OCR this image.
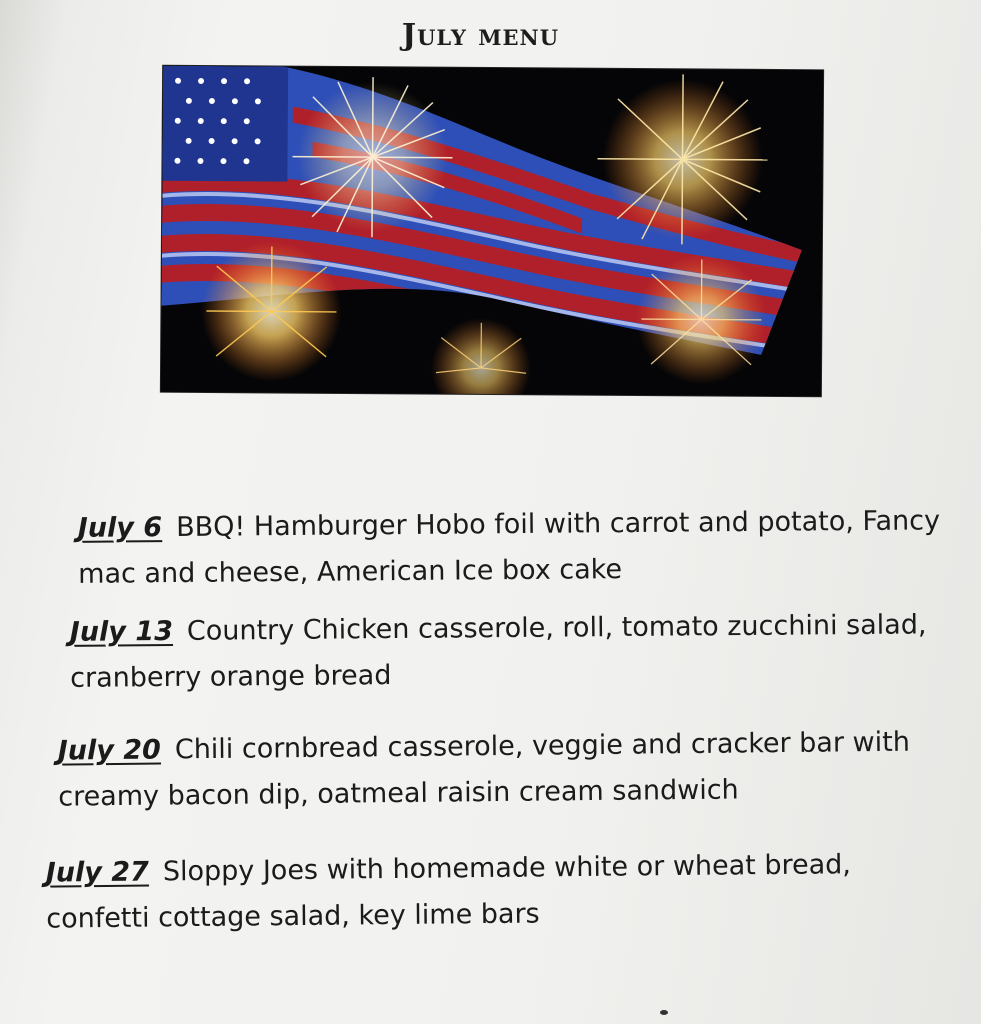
July menu
July 6 BBQ! Hamburger Hobo foil with carrot and potato, Fancy mac and cheese, American Ice box cake
July 13 Country Chicken casserole, roll, tomato zucchini salad, cranberry orange bread
July 20 Chili cornbread casserole, veggie and cracker bar with creamy bacon dip, oatmeal raisin cream sandwich
July 27 Sloppy Joes with homemade white or wheat bread, confetti cottage salad, key lime bars
